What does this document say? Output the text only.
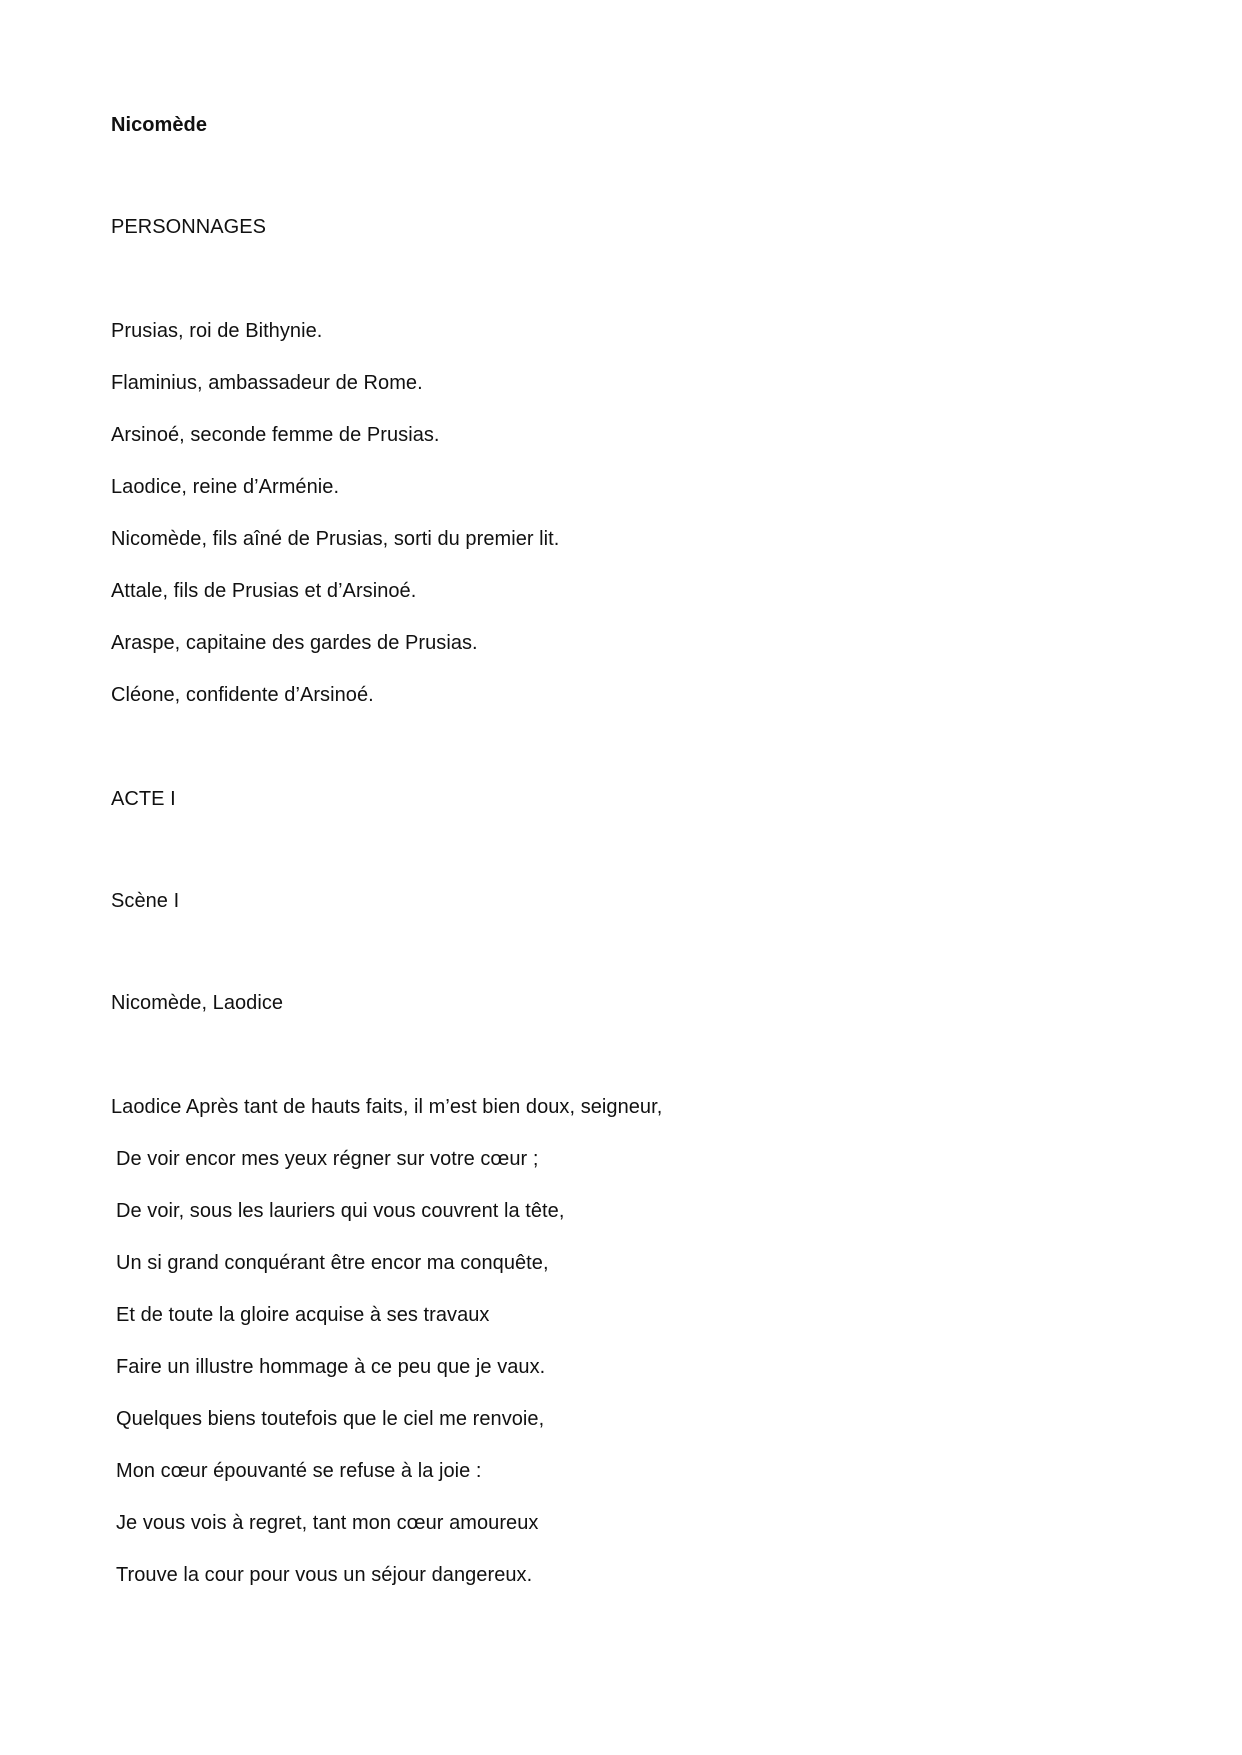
Nicomède
PERSONNAGES
Prusias, roi de Bithynie.
Flaminius, ambassadeur de Rome.
Arsinoé, seconde femme de Prusias.
Laodice, reine d’Arménie.
Nicomède, fils aîné de Prusias, sorti du premier lit.
Attale, fils de Prusias et d’Arsinoé.
Araspe, capitaine des gardes de Prusias.
Cléone, confidente d’Arsinoé.
ACTE I
Scène I
Nicomède, Laodice
Laodice Après tant de hauts faits, il m’est bien doux, seigneur,
De voir encor mes yeux régner sur votre cœur ;
De voir, sous les lauriers qui vous couvrent la tête,
Un si grand conquérant être encor ma conquête,
Et de toute la gloire acquise à ses travaux
Faire un illustre hommage à ce peu que je vaux.
Quelques biens toutefois que le ciel me renvoie,
Mon cœur épouvanté se refuse à la joie :
Je vous vois à regret, tant mon cœur amoureux
Trouve la cour pour vous un séjour dangereux.
